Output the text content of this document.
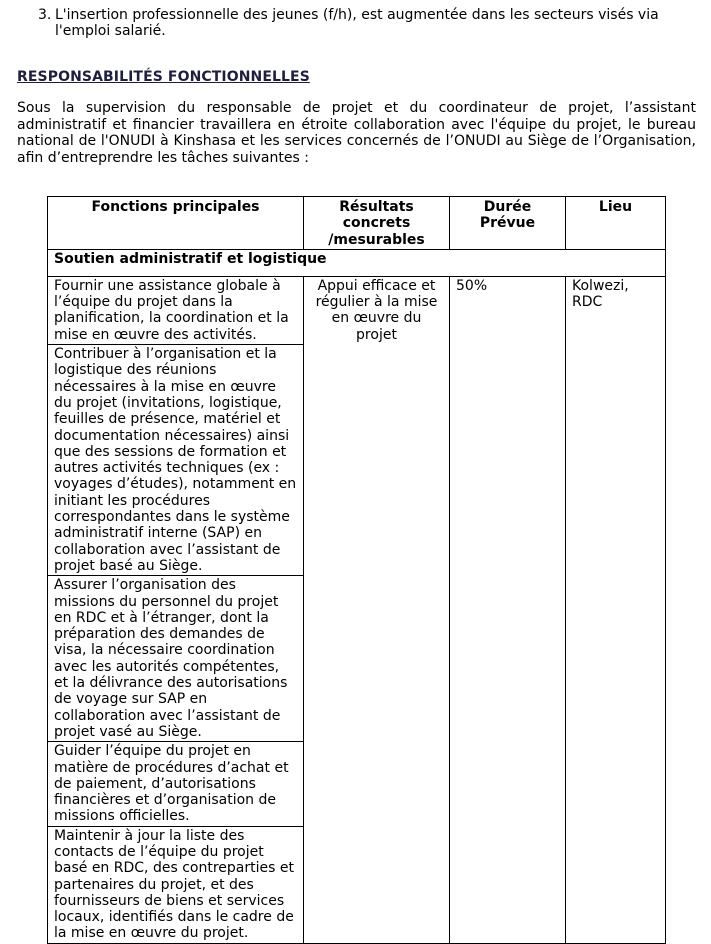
3. L'insertion professionnelle des jeunes (f/h), est augmentée dans les secteurs visés via l'emploi salarié.
RESPONSABILITÉS FONCTIONNELLES
Sous la supervision du responsable de projet et du coordinateur de projet, l’assistant administratif et financier travaillera en étroite collaboration avec l'équipe du projet, le bureau national de l'ONUDI à Kinshasa et les services concernés de l’ONUDI au Siège de l’Organisation, afin d’entreprendre les tâches suivantes :
Fonctions principales	Résultats concrets /mesurables	Durée Prévue	Lieu
Soutien administratif et logistique			
Fournir une assistance globale à l’équipe du projet dans la planification, la coordination et la mise en œuvre des activités.	Appui efficace et régulier à la mise en œuvre du projet	50%	Kolwezi, RDC
Contribuer à l’organisation et la logistique des réunions nécessaires à la mise en œuvre du projet (invitations, logistique, feuilles de présence, matériel et documentation nécessaires) ainsi que des sessions de formation et autres activités techniques (ex : voyages d’études), notamment en initiant les procédures correspondantes dans le système administratif interne (SAP) en collaboration avec l’assistant de projet basé au Siège.			
Assurer l’organisation des missions du personnel du projet en RDC et à l’étranger, dont la préparation des demandes de visa, la nécessaire coordination avec les autorités compétentes, et la délivrance des autorisations de voyage sur SAP en collaboration avec l’assistant de projet vasé au Siège.			
Guider l’équipe du projet en matière de procédures d’achat et de paiement, d’autorisations financières et d’organisation de missions officielles.			
Maintenir à jour la liste des contacts de l’équipe du projet basé en RDC, des contreparties et partenaires du projet, et des fournisseurs de biens et services locaux, identifiés dans le cadre de la mise en œuvre du projet.			
